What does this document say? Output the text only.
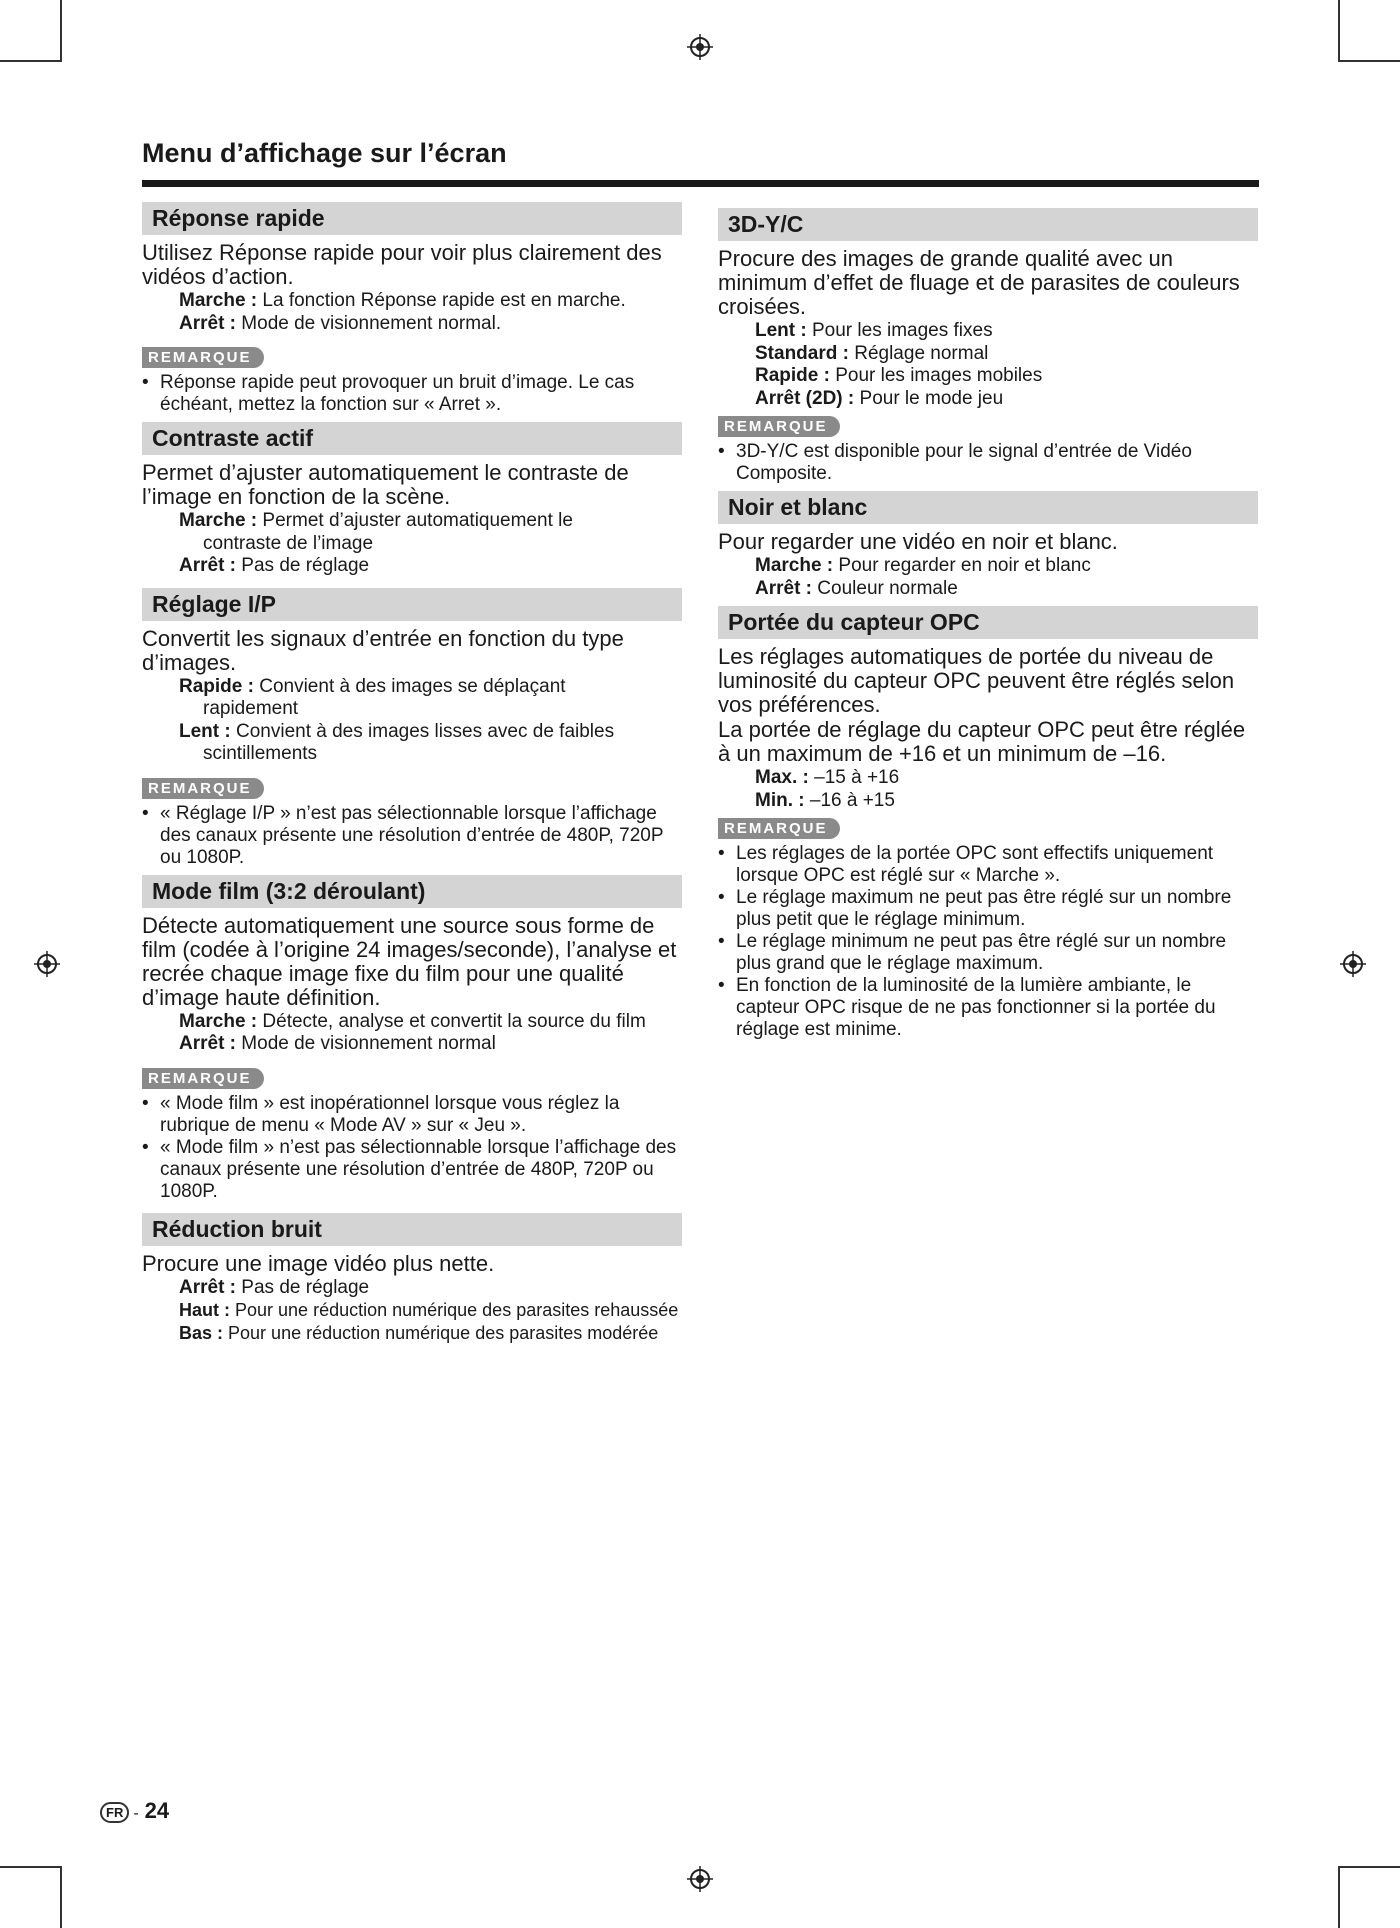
Menu d’affichage sur l’écran
Réponse rapide

Utilisez Réponse rapide pour voir plus clairement des vidéos d’action.

Marche : La fonction Réponse rapide est en marche.
Arrêt : Mode de visionnement normal.
REMARQUE

• Réponse rapide peut provoquer un bruit d’image. Le cas échéant, mettez la fonction sur « Arret ».

Contraste actif

Permet d’ajuster automatiquement le contraste de l’image en fonction de la scène.

Marche : Permet d’ajuster automatiquement le
contraste de l’image
Arrêt : Pas de réglage
Réglage I/P

Convertit les signaux d’entrée en fonction du type d’images.

Rapide : Convient à des images se déplaçant
rapidement
Lent : Convient à des images lisses avec de faibles
scintillements
REMARQUE

• « Réglage I/P » n’est pas sélectionnable lorsque l’affichage des canaux présente une résolution d’entrée de 480P, 720P ou 1080P.

Mode film (3:2 déroulant)

Détecte automatiquement une source sous forme de film (codée à l’origine 24 images/seconde), l’analyse et recrée chaque image fixe du film pour une qualité d’image haute définition.

Marche : Détecte, analyse et convertit la source du film
Arrêt : Mode de visionnement normal
REMARQUE

• « Mode film » est inopérationnel lorsque vous réglez la rubrique de menu « Mode AV » sur « Jeu ».

• « Mode film » n’est pas sélectionnable lorsque l’affichage des canaux présente une résolution d’entrée de 480P, 720P ou 1080P.

Réduction bruit

Procure une image vidéo plus nette.

Arrêt : Pas de réglage
Haut : Pour une réduction numérique des parasites rehaussée
Bas : Pour une réduction numérique des parasites modérée
3D-Y/C

Procure des images de grande qualité avec un minimum d’effet de fluage et de parasites de couleurs croisées.

Lent : Pour les images fixes
Standard : Réglage normal
Rapide : Pour les images mobiles
Arrêt (2D) : Pour le mode jeu
REMARQUE

• 3D-Y/C est disponible pour le signal d’entrée de Vidéo Composite.

Noir et blanc

Pour regarder une vidéo en noir et blanc.

Marche : Pour regarder en noir et blanc
Arrêt : Couleur normale
Portée du capteur OPC

Les réglages automatiques de portée du niveau de luminosité du capteur OPC peuvent être réglés selon vos préférences.

La portée de réglage du capteur OPC peut être réglée à un maximum de +16 et un minimum de –16.

Max. : –15 à +16
Min. : –16 à +15
REMARQUE

• Les réglages de la portée OPC sont effectifs uniquement lorsque OPC est réglé sur « Marche ».

• Le réglage maximum ne peut pas être réglé sur un nombre plus petit que le réglage minimum.

• Le réglage minimum ne peut pas être réglé sur un nombre plus grand que le réglage maximum.

• En fonction de la luminosité de la lumière ambiante, le capteur OPC risque de ne pas fonctionner si la portée du réglage est minime.

FR - 24
